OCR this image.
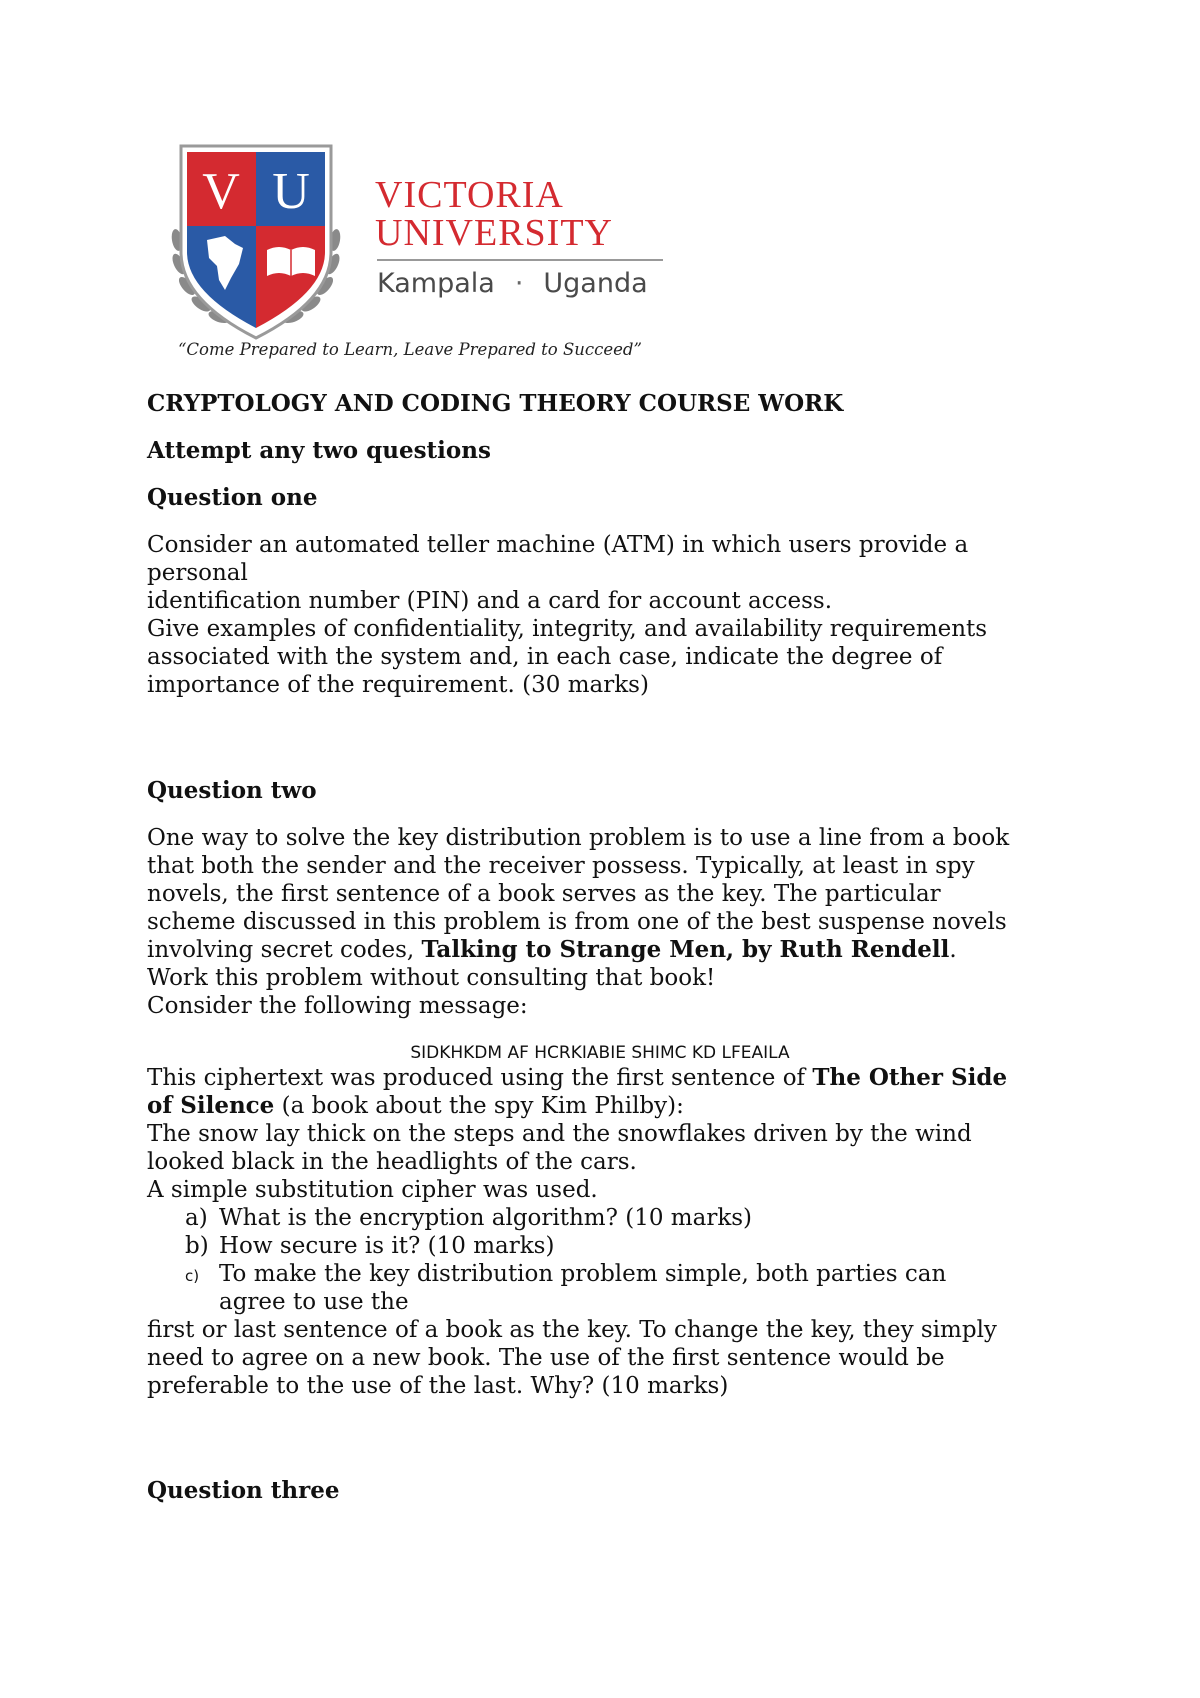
V U VICTORIA

UNIVERSITY

Kampala · Uganda

“Come Prepared to Learn, Leave Prepared to Succeed”

CRYPTOLOGY AND CODING THEORY COURSE WORK

Attempt any two questions

Question one

Consider an automated teller machine (ATM) in which users provide a

personal

identification number (PIN) and a card for account access.

Give examples of confidentiality, integrity, and availability requirements

associated with the system and, in each case, indicate the degree of

importance of the requirement. (30 marks)

Question two

One way to solve the key distribution problem is to use a line from a book

that both the sender and the receiver possess. Typically, at least in spy

novels, the first sentence of a book serves as the key. The particular

scheme discussed in this problem is from one of the best suspense novels

involving secret codes, Talking to Strange Men, by Ruth Rendell.

Work this problem without consulting that book!

Consider the following message:

SIDKHKDM AF HCRKIABIE SHIMC KD LFEAILA

This ciphertext was produced using the first sentence of The Other Side

of Silence (a book about the spy Kim Philby):

The snow lay thick on the steps and the snowflakes driven by the wind

looked black in the headlights of the cars.

A simple substitution cipher was used.

a) What is the encryption algorithm? (10 marks)

b) How secure is it? (10 marks)

c) To make the key distribution problem simple, both parties can

agree to use the

first or last sentence of a book as the key. To change the key, they simply

need to agree on a new book. The use of the first sentence would be

preferable to the use of the last. Why? (10 marks)

Question three
